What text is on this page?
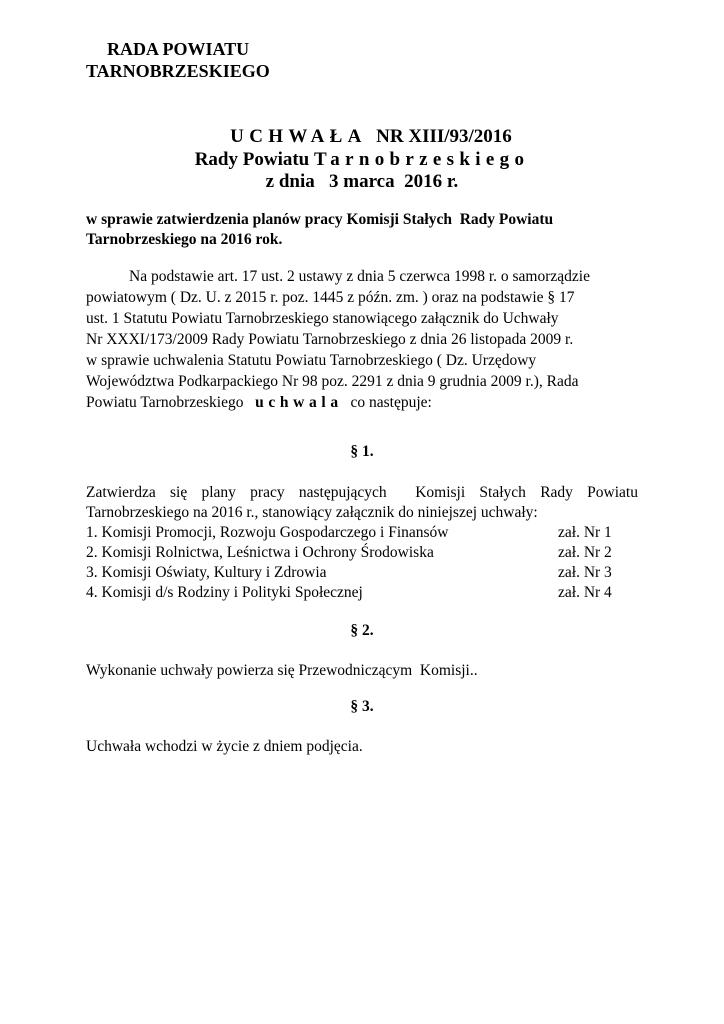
RADA POWIATU
TARNOBRZESKIEGO
UCHWAŁA NR XIII/93/2016
Rady Powiatu Tarnobrzeskiego
z dnia   3 marca  2016 r.
w sprawie zatwierdzenia planów pracy Komisji Stałych  Rady Powiatu
Tarnobrzeskiego na 2016 rok.
Na podstawie art. 17 ust. 2 ustawy z dnia 5 czerwca 1998 r. o samorządzie
powiatowym ( Dz. U. z 2015 r. poz. 1445 z późn. zm. ) oraz na podstawie § 17
ust. 1 Statutu Powiatu Tarnobrzeskiego stanowiącego załącznik do Uchwały
Nr XXXI/173/2009 Rady Powiatu Tarnobrzeskiego z dnia 26 listopada 2009 r.
w sprawie uchwalenia Statutu Powiatu Tarnobrzeskiego ( Dz. Urzędowy
Województwa Podkarpackiego Nr 98 poz. 2291 z dnia 9 grudnia 2009 r.), Rada
Powiatu Tarnobrzeskiego uchwala co następuje:
§ 1.
Zatwierdza się plany pracy następujących  Komisji Stałych Rady Powiatu
Tarnobrzeskiego na 2016 r., stanowiący załącznik do niniejszej uchwały:
1. Komisji Promocji, Rozwoju Gospodarczego i Finansów	zał. Nr 1
2. Komisji Rolnictwa, Leśnictwa i Ochrony Środowiska	zał. Nr 2
3. Komisji Oświaty, Kultury i Zdrowia	zał. Nr 3
4. Komisji d/s Rodziny i Polityki Społecznej	zał. Nr 4
§ 2.
Wykonanie uchwały powierza się Przewodniczącym  Komisji..
§ 3.
Uchwała wchodzi w życie z dniem podjęcia.
